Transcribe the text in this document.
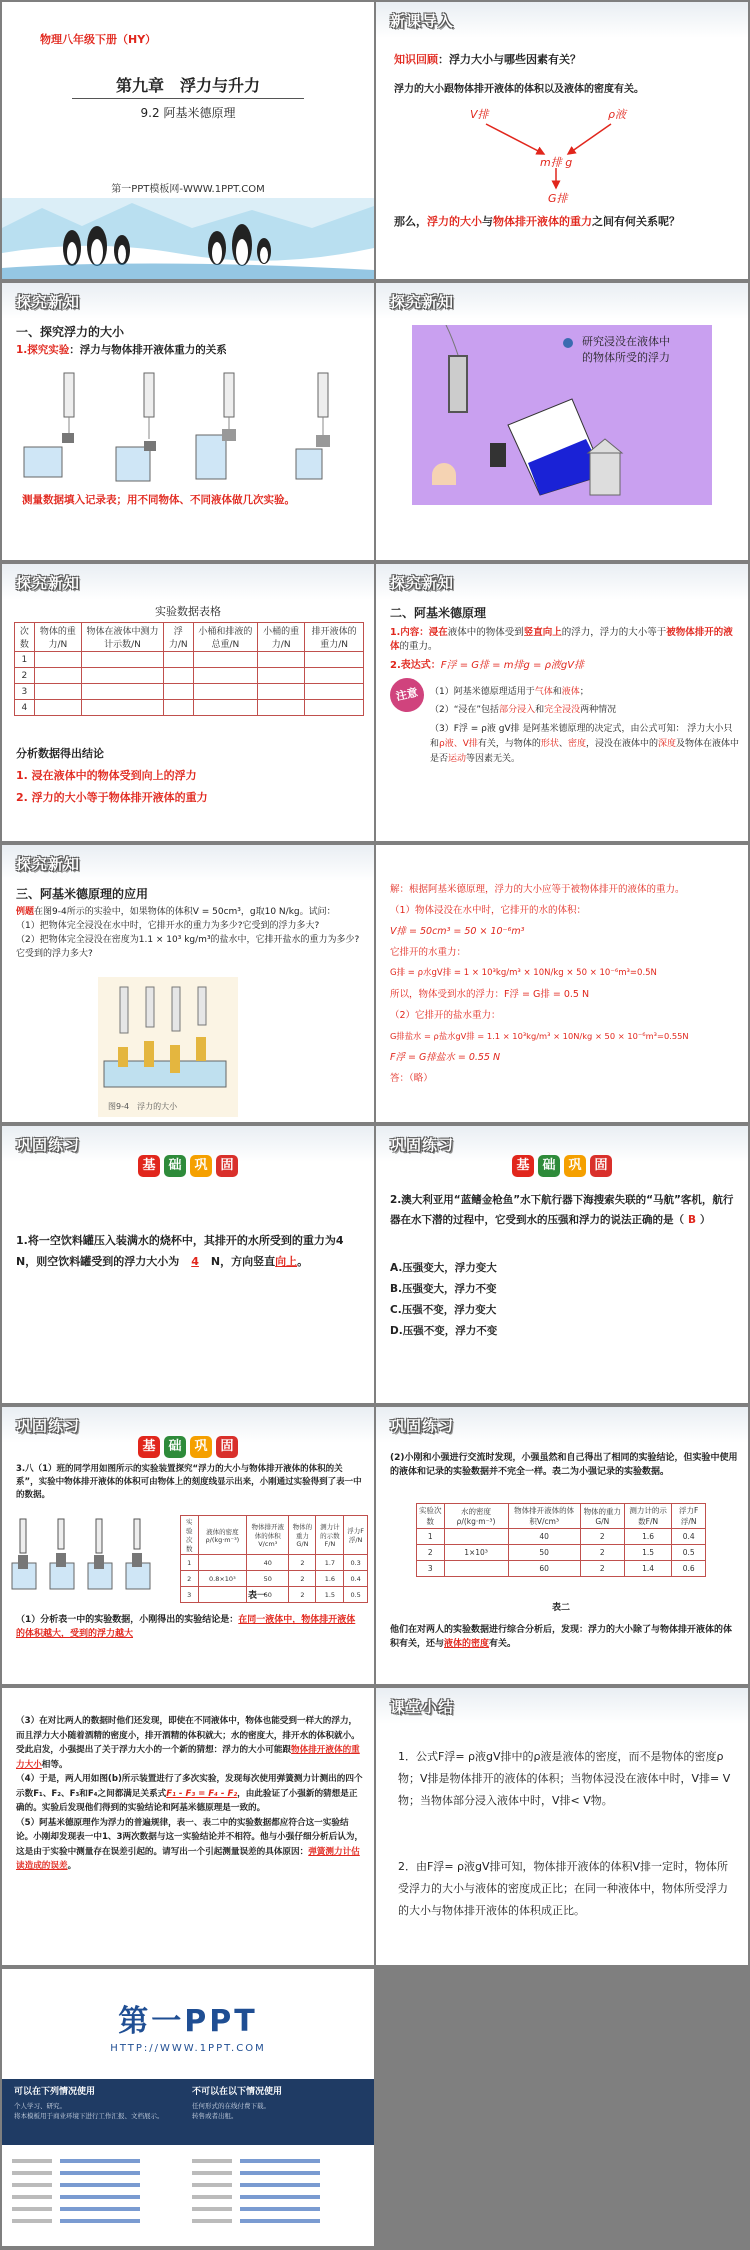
物理八年级下册（HY）
第九章　浮力与升力
9.2 阿基米德原理
第一PPT模板网-WWW.1PPT.COM
新课导入
知识回顾：浮力大小与哪些因素有关？
浮力的大小跟物体排开液体的体积以及液体的密度有关。
V排	ρ液
m排 g
G排
那么，浮力的大小与物体排开液体的重力之间有何关系呢？
探究新知
一、探究浮力的大小
1.探究实验：浮力与物体排开液体重力的关系
测量数据填入记录表；用不同物体、不同液体做几次实验。
探究新知
研究浸没在液体中
的物体所受的浮力
探究新知
实验数据表格
次数	物体的重力/N	物体在液体中测力计示数/N	浮力/N	小桶和排液的总重/N	小桶的重力/N	排开液体的重力/N
1						
2						
3						
4						
分析数据得出结论
1. 浸在液体中的物体受到向上的浮力
2. 浮力的大小等于物体排开液体的重力
探究新知
二、阿基米德原理
1.内容：浸在液体中的物体受到竖直向上的浮力，浮力的大小等于被物体排开的液体的重力。
2.表达式：F浮 = G排 = m排g = ρ液gV排
注意	（1）阿基米德原理适用于气体和液体；
（2）“浸在”包括部分浸入和完全浸没两种情况
（3）F浮 = ρ液 gV排 是阿基米德原理的决定式，由公式可知： 浮力大小只和ρ液、V排有关，与物体的形状、密度，浸没在液体中的深度及物体在液体中是否运动等因素无关。
探究新知
三、阿基米德原理的应用
例题在图9-4所示的实验中，如果物体的体积V = 50cm³，g取10 N/kg。试问：
（1）把物体完全浸没在水中时，它排开水的重力为多少?它受到的浮力多大?
（2）把物体完全浸没在密度为1.1 × 10³ kg/m³的盐水中，它排开盐水的重力为多少?它受到的浮力多大?
图9-4　浮力的大小
解：根据阿基米德原理，浮力的大小应等于被物体排开的液体的重力。
（1）物体浸没在水中时，它排开的水的体积：
V排 = 50cm³ = 50 × 10⁻⁶m³
它排开的水重力：
G排 = ρ水gV排 = 1 × 10³kg/m³ × 10N/kg × 50 × 10⁻⁶m³=0.5N
所以，物体受到水的浮力：F浮 = G排 = 0.5 N
（2）它排开的盐水重力：
G排盐水 = ρ盐水gV排 = 1.1 × 10³kg/m³ × 10N/kg × 50 × 10⁻⁶m³=0.55N
F浮 = G排盐水 = 0.55 N
答：（略）
巩固练习
基 础 巩 固
1.将一空饮料罐压入装满水的烧杯中，其排开的水所受到的重力为4 N，则空饮料罐受到的浮力大小为 4 N，方向竖直向上。
巩固练习
基 础 巩 固
2.澳大利亚用“蓝鳍金枪鱼”水下航行器下海搜索失联的“马航”客机，航行器在水下潜的过程中，它受到水的压强和浮力的说法正确的是（ B ）
A.压强变大，浮力变大
B.压强变大，浮力不变
C.压强不变，浮力变大
D.压强不变，浮力不变
巩固练习
基 础 巩 固
3.八（1）班的同学用如图所示的实验装置探究“浮力的大小与物体排开液体的体积的关系”，实验中物体排开液体的体积可由物体上的刻度线显示出来，小刚通过实验得到了表一中的数据。
实验次数	液体的密度ρ/(kg·m⁻³)	物体排开液体的体积V/cm³	物体的重力G/N	测力计的示数F/N	浮力F浮/N
1		40	2	1.7	0.3
2	0.8×10³	50	2	1.6	0.4
3		60	2	1.5	0.5
表一
（1）分析表一中的实验数据，小刚得出的实验结论是：在同一液体中，物体排开液体的体积越大，受到的浮力越大
巩固练习
(2)小刚和小强进行交流时发现，小强虽然和自己得出了相同的实验结论，但实验中使用的液体和记录的实验数据并不完全一样。表二为小强记录的实验数据。
实验次数	水的密度ρ/(kg·m⁻³)	物体排开液体的体积V/cm³	物体的重力G/N	测力计的示数F/N	浮力F浮/N
1		40	2	1.6	0.4
2	1×10³	50	2	1.5	0.5
3		60	2	1.4	0.6
表二
他们在对两人的实验数据进行综合分析后，发现：浮力的大小除了与物体排开液体的体积有关，还与液体的密度有关。
（3）在对比两人的数据时他们还发现，即使在不同液体中，物体也能受到一样大的浮力，而且浮力大小随着酒精的密度小，排开酒精的体积就大；水的密度大，排开水的体积就小。受此启发，小强提出了关于浮力大小的一个新的猜想：浮力的大小可能跟物体排开液体的重力大小相等。
（4）于是，两人用如图(b)所示装置进行了多次实验，发现每次使用弹簧测力计测出的四个示数F₁、F₂、F₃和F₄之间都满足关系式F₁ - F₃ = F₄ - F₂，由此验证了小强新的猜想是正确的。实验后发现他们得到的实验结论和阿基米德原理是一致的。
（5）阿基米德原理作为浮力的普遍规律，表一、表二中的实验数据都应符合这一实验结论。小刚却发现表一中1、3两次数据与这一实验结论并不相符。他与小强仔细分析后认为，这是由于实验中测量存在误差引起的。请写出一个引起测量误差的具体原因：弹簧测力计估读造成的误差。
课堂小结
1．公式F浮= ρ液gV排中的ρ液是液体的密度，而不是物体的密度ρ物；V排是物体排开的液体的体积；当物体浸没在液体中时，V排= V物；当物体部分浸入液体中时，V排< V物。
2．由F浮= ρ液gV排可知，物体排开液体的体积V排一定时，物体所受浮力的大小与液体的密度成正比；在同一种液体中，物体所受浮力的大小与物体排开液体的体积成正比。
第一PPT
HTTP://WWW.1PPT.COM
可以在下列情况使用
个人学习、研究。
将本模板用于商业环境下进行工作汇报、文档展示。
不可以在以下情况使用
任何形式的在线付费下载。
转售或者出租。
